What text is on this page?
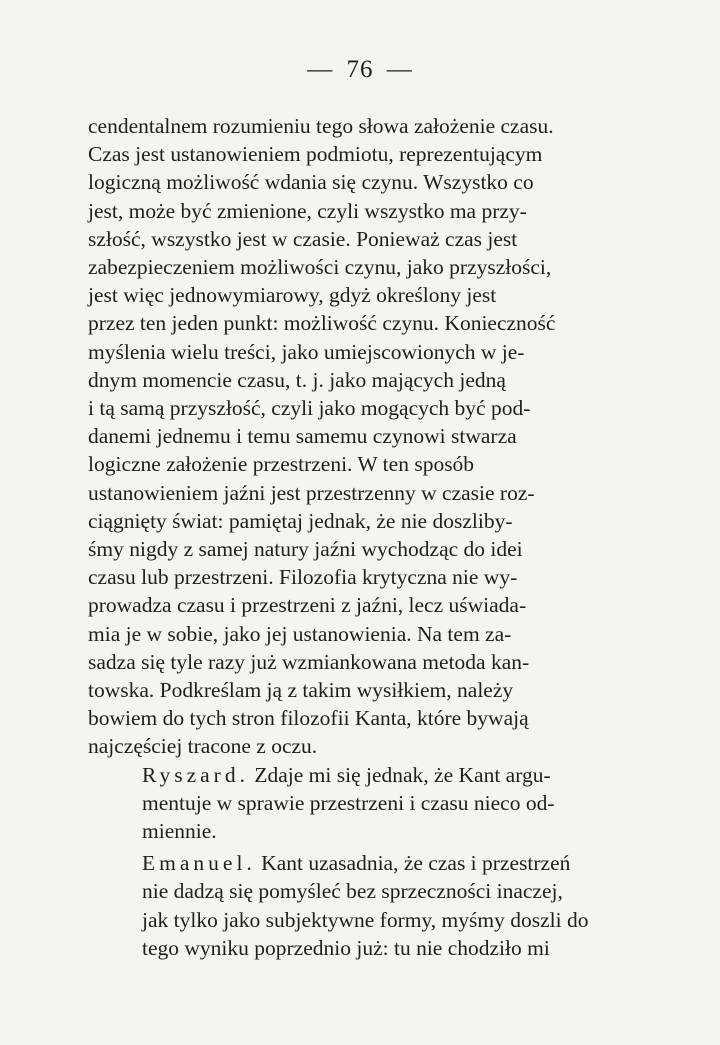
— 76 —

cendentalnem rozumieniu tego słowa założenie czasu.
Czas jest ustanowieniem podmiotu, reprezentującym
logiczną możliwość wdania się czynu. Wszystko co
jest, może być zmienione, czyli wszystko ma przy-
szłość, wszystko jest w czasie. Ponieważ czas jest
zabezpieczeniem możliwości czynu, jako przyszłości,
jest więc jednowymiarowy, gdyż określony jest
przez ten jeden punkt: możliwość czynu. Konieczność
myślenia wielu treści, jako umiejscowionych w je-
dnym momencie czasu, t. j. jako mających jedną
i tą samą przyszłość, czyli jako mogących być pod-
danemi jednemu i temu samemu czynowi stwarza
logiczne założenie przestrzeni. W ten sposób
ustanowieniem jaźni jest przestrzenny w czasie roz-
ciągnięty świat: pamiętaj jednak, że nie doszliby-
śmy nigdy z samej natury jaźni wychodząc do idei
czasu lub przestrzeni. Filozofia krytyczna nie wy-
prowadza czasu i przestrzeni z jaźni, lecz uświada-
mia je w sobie, jako jej ustanowienia. Na tem za-
sadza się tyle razy już wzmiankowana metoda kan-
towska. Podkreślam ją z takim wysiłkiem, należy
bowiem do tych stron filozofii Kanta, które bywają
najczęściej tracone z oczu.

Ryszard. Zdaje mi się jednak, że Kant argu-
mentuje w sprawie przestrzeni i czasu nieco od-
miennie.

Emanuel. Kant uzasadnia, że czas i przestrzeń
nie dadzą się pomyśleć bez sprzeczności inaczej,
jak tylko jako subjektywne formy, myśmy doszli do
tego wyniku poprzednio już: tu nie chodziło mi
